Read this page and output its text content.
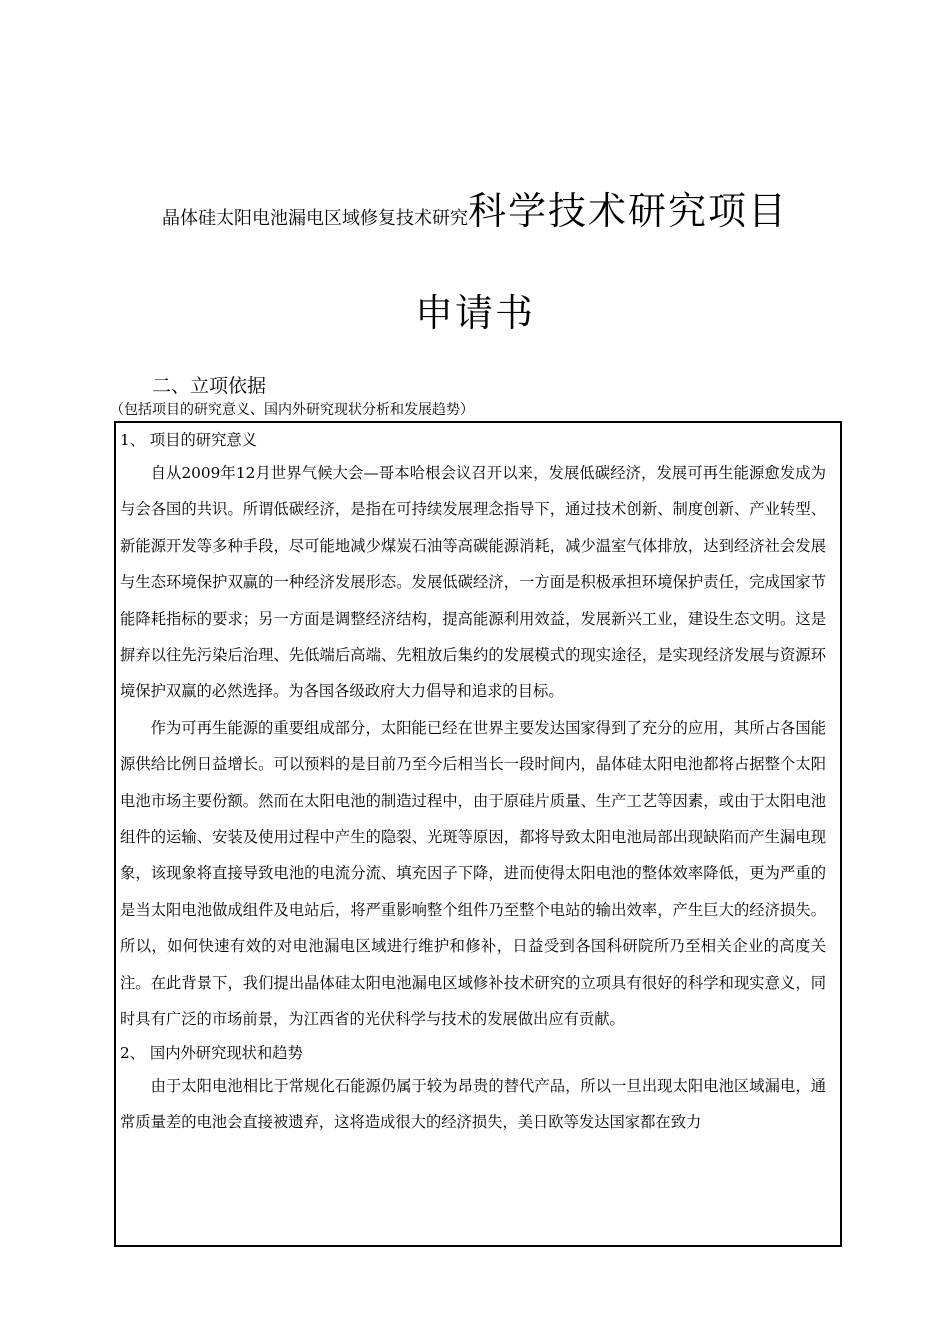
晶体硅太阳电池漏电区域修复技术研究科学技术研究项目
申请书
二、立项依据
（包括项目的研究意义、国内外研究现状分析和发展趋势）
1、 项目的研究意义

自从2009年12月世界气候大会—哥本哈根会议召开以来，发展低碳经济，发展可再生能源愈发成为与会各国的共识。所谓低碳经济，是指在可持续发展理念指导下，通过技术创新、制度创新、产业转型、新能源开发等多种手段，尽可能地减少煤炭石油等高碳能源消耗，减少温室气体排放，达到经济社会发展与生态环境保护双赢的一种经济发展形态。发展低碳经济，一方面是积极承担环境保护责任，完成国家节能降耗指标的要求；另一方面是调整经济结构，提高能源利用效益，发展新兴工业，建设生态文明。这是摒弃以往先污染后治理、先低端后高端、先粗放后集约的发展模式的现实途径，是实现经济发展与资源环境保护双赢的必然选择。为各国各级政府大力倡导和追求的目标。

作为可再生能源的重要组成部分，太阳能已经在世界主要发达国家得到了充分的应用，其所占各国能源供给比例日益增长。可以预料的是目前乃至今后相当长一段时间内，晶体硅太阳电池都将占据整个太阳电池市场主要份额。然而在太阳电池的制造过程中，由于原硅片质量、生产工艺等因素，或由于太阳电池组件的运输、安装及使用过程中产生的隐裂、光斑等原因，都将导致太阳电池局部出现缺陷而产生漏电现象，该现象将直接导致电池的电流分流、填充因子下降，进而使得太阳电池的整体效率降低，更为严重的是当太阳电池做成组件及电站后，将严重影响整个组件乃至整个电站的输出效率，产生巨大的经济损失。所以，如何快速有效的对电池漏电区域进行维护和修补，日益受到各国科研院所乃至相关企业的高度关注。在此背景下，我们提出晶体硅太阳电池漏电区域修补技术研究的立项具有很好的科学和现实意义，同时具有广泛的市场前景，为江西省的光伏科学与技术的发展做出应有贡献。

2、 国内外研究现状和趋势

由于太阳电池相比于常规化石能源仍属于较为昂贵的替代产品，所以一旦出现太阳电池区域漏电，通常质量差的电池会直接被遗弃，这将造成很大的经济损失，美日欧等发达国家都在致力
